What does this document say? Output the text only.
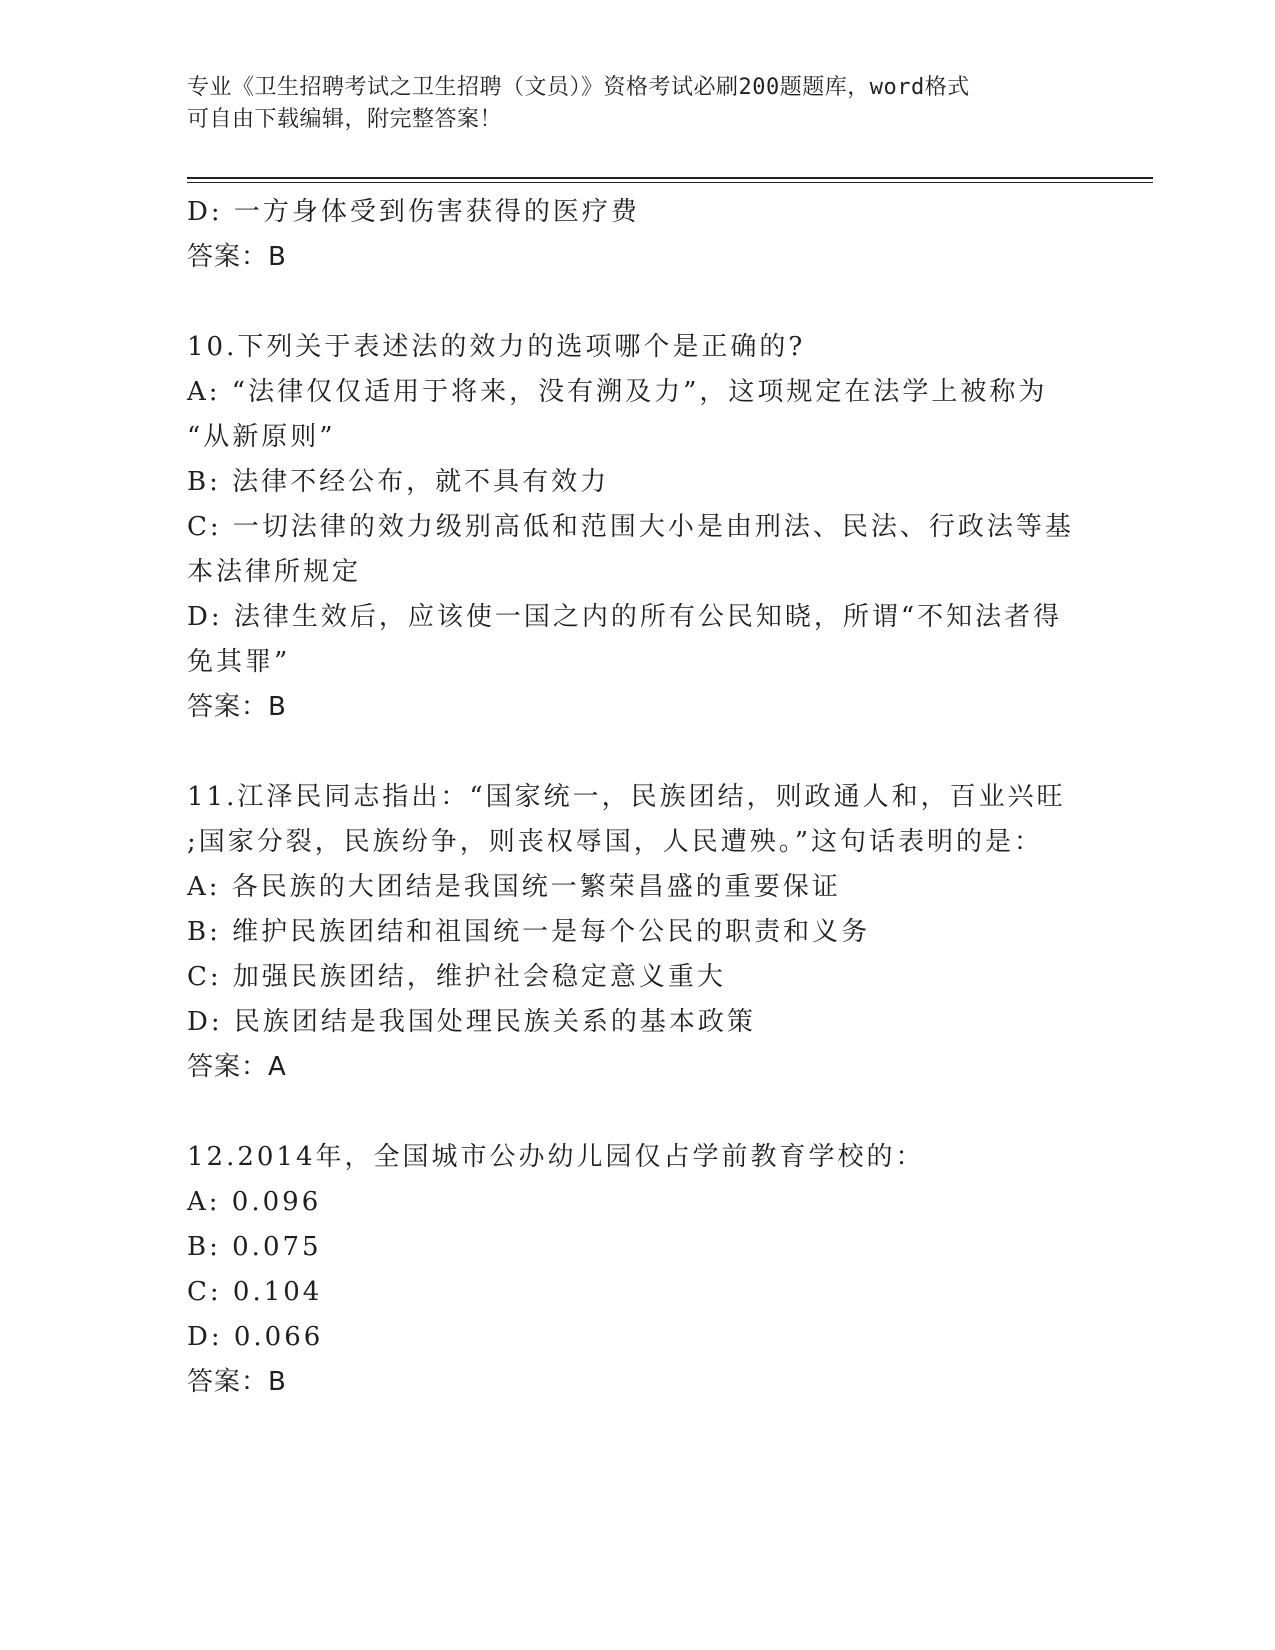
专业《卫生招聘考试之卫生招聘（文员）》资格考试必刷200题题库，word格式
可自由下载编辑，附完整答案！
D: 一方身体受到伤害获得的医疗费
答案：B
10.下列关于表述法的效力的选项哪个是正确的?
A: “法律仅仅适用于将来，没有溯及力”，这项规定在法学上被称为
“从新原则”
B: 法律不经公布，就不具有效力
C: 一切法律的效力级别高低和范围大小是由刑法、民法、行政法等基
本法律所规定
D: 法律生效后，应该使一国之内的所有公民知晓，所谓“不知法者得
免其罪”
答案：B
11.江泽民同志指出：“国家统一，民族团结，则政通人和，百业兴旺
;国家分裂，民族纷争，则丧权辱国，人民遭殃。”这句话表明的是：
A: 各民族的大团结是我国统一繁荣昌盛的重要保证
B: 维护民族团结和祖国统一是每个公民的职责和义务
C: 加强民族团结，维护社会稳定意义重大
D: 民族团结是我国处理民族关系的基本政策
答案：A
12.2014年，全国城市公办幼儿园仅占学前教育学校的：
A: 0.096
B: 0.075
C: 0.104
D: 0.066
答案：B
